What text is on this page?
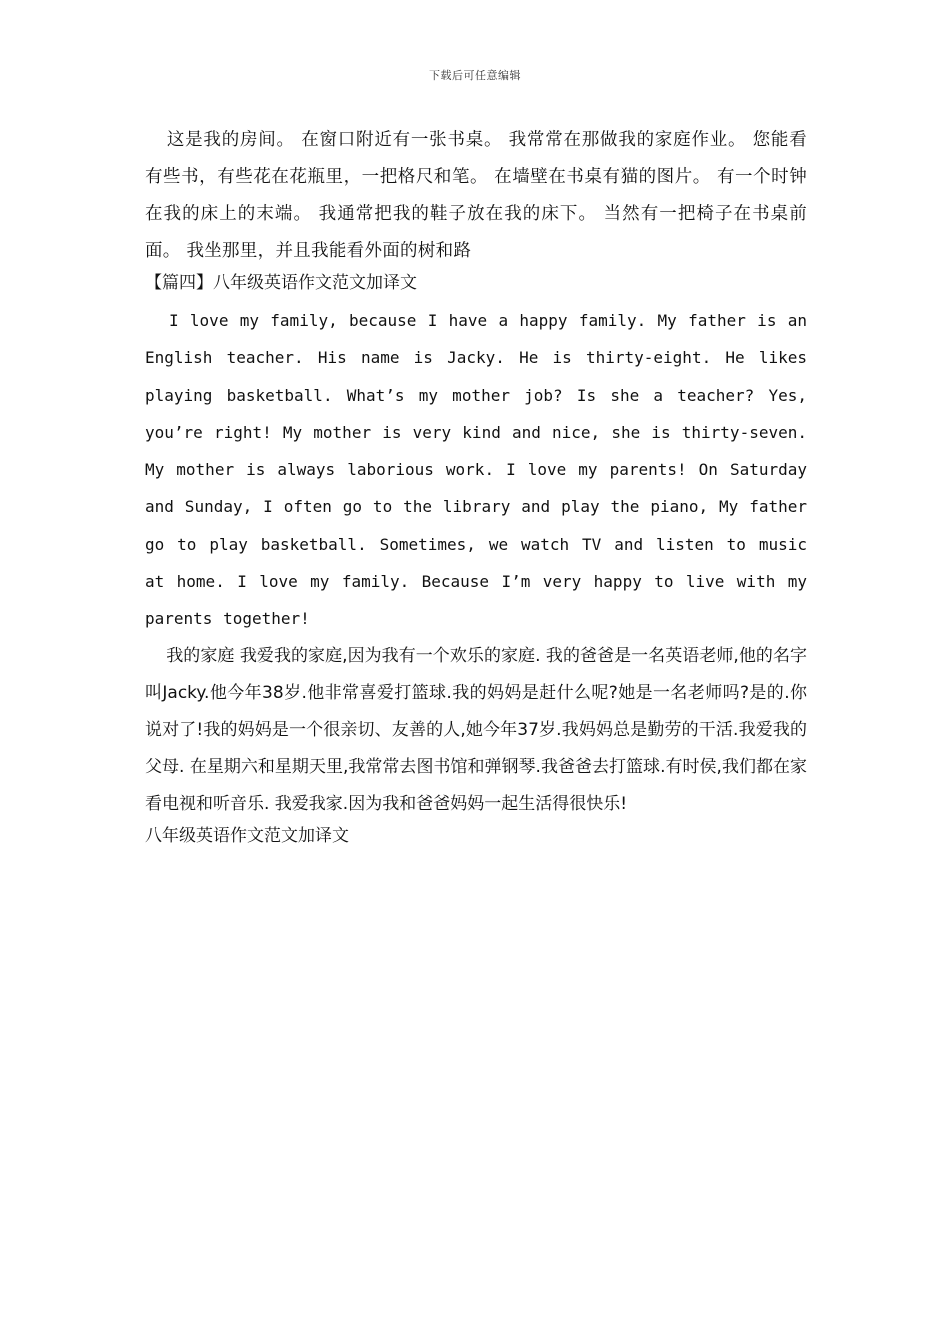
下载后可任意编辑

这是我的房间。 在窗口附近有一张书桌。 我常常在那做我的家庭作业。 您能看有些书，有些花在花瓶里，一把格尺和笔。 在墙壁在书桌有猫的图片。 有一个时钟在我的床上的末端。 我通常把我的鞋子放在我的床下。 当然有一把椅子在书桌前面。 我坐那里，并且我能看外面的树和路

【篇四】八年级英语作文范文加译文

I love my family, because I have a happy family. My father is an English teacher. His name is Jacky. He is thirty-eight. He likes playing basketball. What’s my mother job? Is she a teacher? Yes, you’re right! My mother is very kind and nice, she is thirty-seven. My mother is always laborious work. I love my parents! On Saturday and Sunday, I often go to the library and play the piano, My father go to play basketball. Sometimes, we watch TV and listen to music at home. I love my family. Because I’m very happy to live with my parents together!

我的家庭 我爱我的家庭,因为我有一个欢乐的家庭. 我的爸爸是一名英语老师,他的名字叫Jacky.他今年38岁.他非常喜爱打篮球.我的妈妈是赶什么呢?她是一名老师吗?是的.你说对了!我的妈妈是一个很亲切、友善的人,她今年37岁.我妈妈总是勤劳的干活.我爱我的父母. 在星期六和星期天里,我常常去图书馆和弹钢琴.我爸爸去打篮球.有时侯,我们都在家看电视和听音乐. 我爱我家.因为我和爸爸妈妈一起生活得很快乐!

八年级英语作文范文加译文
